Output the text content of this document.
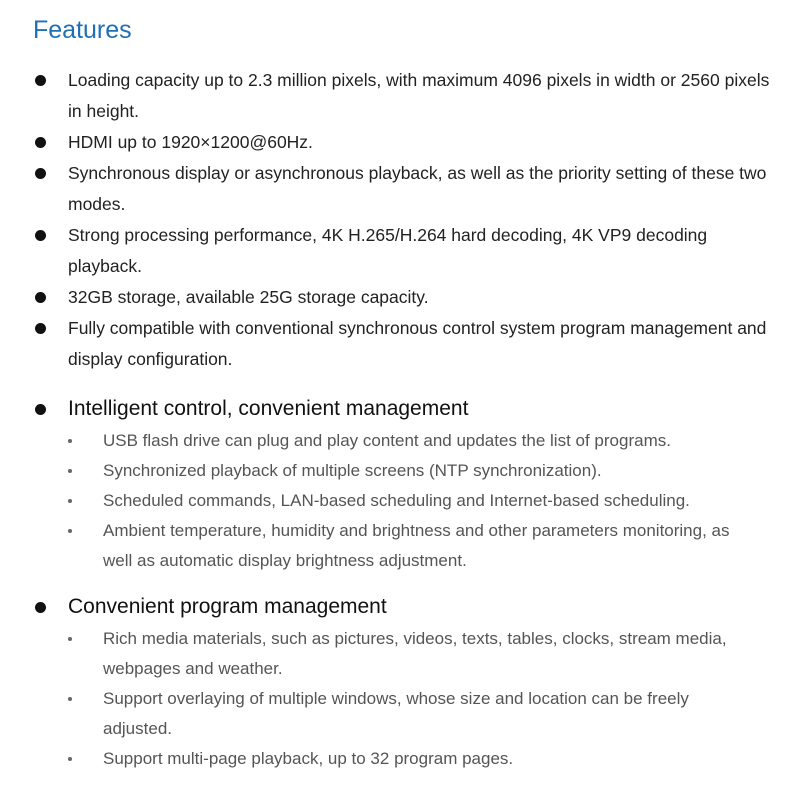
Features
Loading capacity up to 2.3 million pixels, with maximum 4096 pixels in width or 2560 pixels in height.
HDMI up to 1920×1200@60Hz.
Synchronous display or asynchronous playback, as well as the priority setting of these two modes.
Strong processing performance, 4K H.265/H.264 hard decoding, 4K VP9 decoding playback.
32GB storage, available 25G storage capacity.
Fully compatible with conventional synchronous control system program management and display configuration.
Intelligent control, convenient management
USB flash drive can plug and play content and updates the list of programs.
Synchronized playback of multiple screens (NTP synchronization).
Scheduled commands, LAN-based scheduling and Internet-based scheduling.
Ambient temperature, humidity and brightness and other parameters monitoring, as well as automatic display brightness adjustment.
Convenient program management
Rich media materials, such as pictures, videos, texts, tables, clocks, stream media, webpages and weather.
Support overlaying of multiple windows, whose size and location can be freely adjusted.
Support multi-page playback, up to 32 program pages.
